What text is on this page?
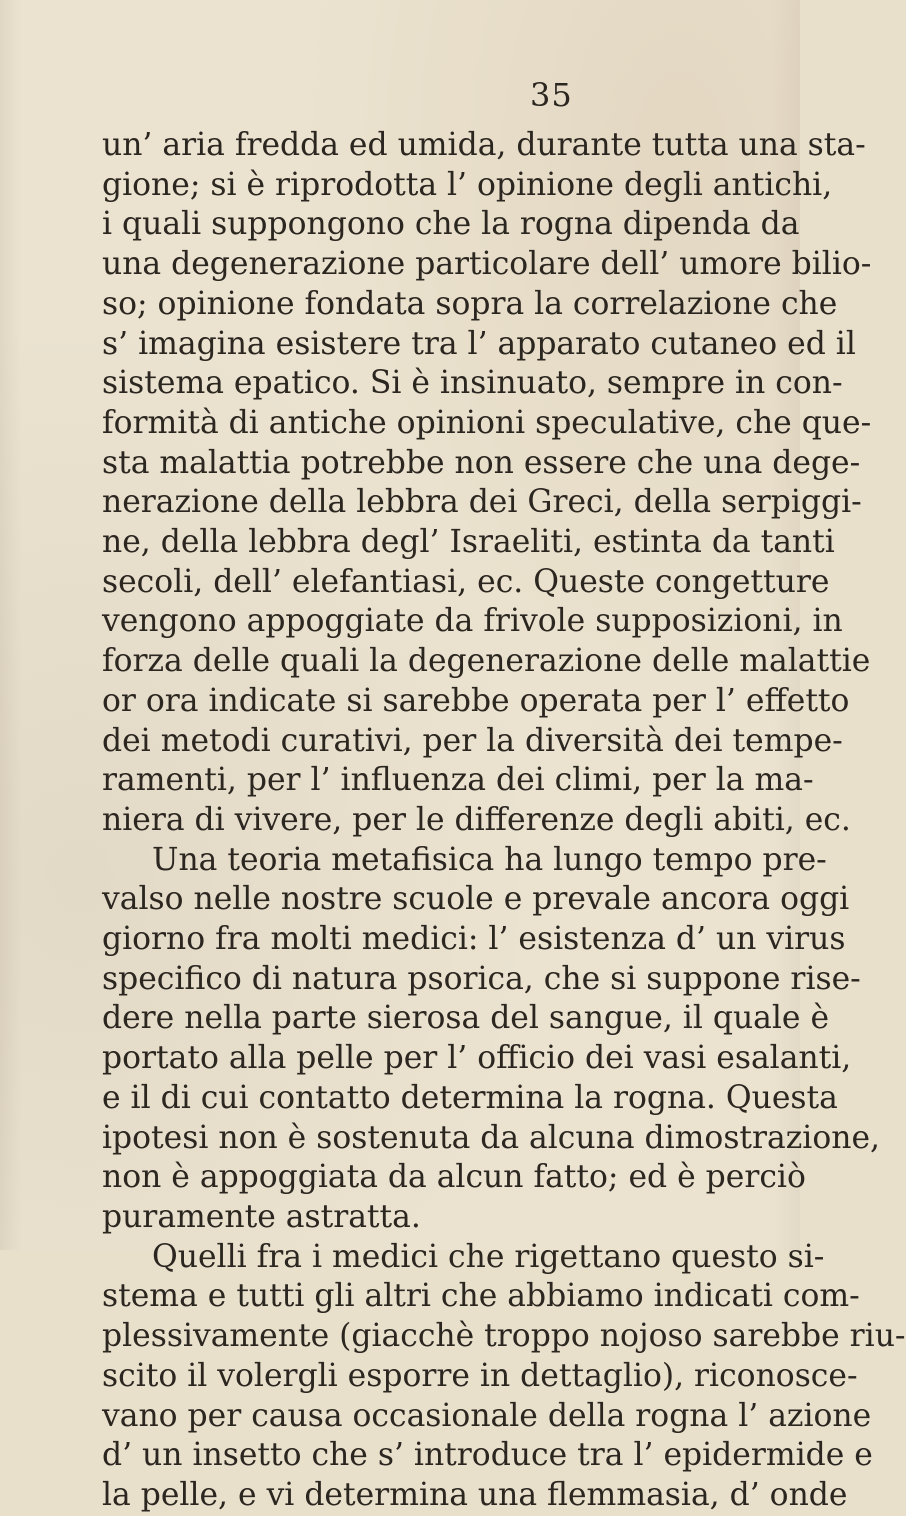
35
un’ aria fredda ed umida, durante tutta una sta-
gione; si è riprodotta l’ opinione degli antichi,
i quali suppongono che la rogna dipenda da
una degenerazione particolare dell’ umore bilio-
so; opinione fondata sopra la correlazione che
s’ imagina esistere tra l’ apparato cutaneo ed il
sistema epatico. Si è insinuato, sempre in con-
formità di antiche opinioni speculative, che que-
sta malattia potrebbe non essere che una dege-
nerazione della lebbra dei Greci, della serpiggi-
ne, della lebbra degl’ Israeliti, estinta da tanti
secoli, dell’ elefantiasi, ec. Queste congetture
vengono appoggiate da frivole supposizioni, in
forza delle quali la degenerazione delle malattie
or ora indicate si sarebbe operata per l’ effetto
dei metodi curativi, per la diversità dei tempe-
ramenti, per l’ influenza dei climi, per la ma-
niera di vivere, per le differenze degli abiti, ec.
Una teoria metafisica ha lungo tempo pre-
valso nelle nostre scuole e prevale ancora oggi
giorno fra molti medici: l’ esistenza d’ un virus
specifico di natura psorica, che si suppone rise-
dere nella parte sierosa del sangue, il quale è
portato alla pelle per l’ officio dei vasi esalanti,
e il di cui contatto determina la rogna. Questa
ipotesi non è sostenuta da alcuna dimostrazione,
non è appoggiata da alcun fatto; ed è perciò
puramente astratta.
Quelli fra i medici che rigettano questo si-
stema e tutti gli altri che abbiamo indicati com-
plessivamente (giacchè troppo nojoso sarebbe riu-
scito il volergli esporre in dettaglio), riconosce-
vano per causa occasionale della rogna l’ azione
d’ un insetto che s’ introduce tra l’ epidermide e
la pelle, e vi determina una flemmasia, d’ onde
